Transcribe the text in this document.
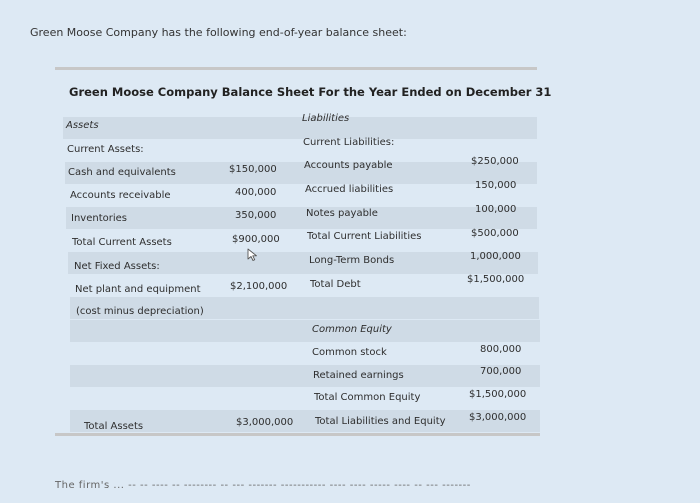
Green Moose Company has the following end-of-year balance sheet:
Green Moose Company Balance Sheet For the Year Ended on December 31
Assets
Liabilities
Current Assets:
Cash and equivalents	$150,000
Accounts receivable	400,000
Inventories	350,000
Total Current Assets	$900,000
Net Fixed Assets:
Net plant and equipment	$2,100,000
(cost minus depreciation)
Total Assets	$3,000,000
Current Liabilities:
Accounts payable	$250,000
Accrued liabilities	150,000
Notes payable	100,000
Total Current Liabilities	$500,000
Long-Term Bonds	1,000,000
Total Debt	$1,500,000
Common Equity
Common stock	800,000
Retained earnings	700,000
Total Common Equity	$1,500,000
Total Liabilities and Equity $3,000,000
The firm's ... -- -- ---- -- -------- -- --- ------- ----------- ---- ---- ----- ---- -- --- -------
